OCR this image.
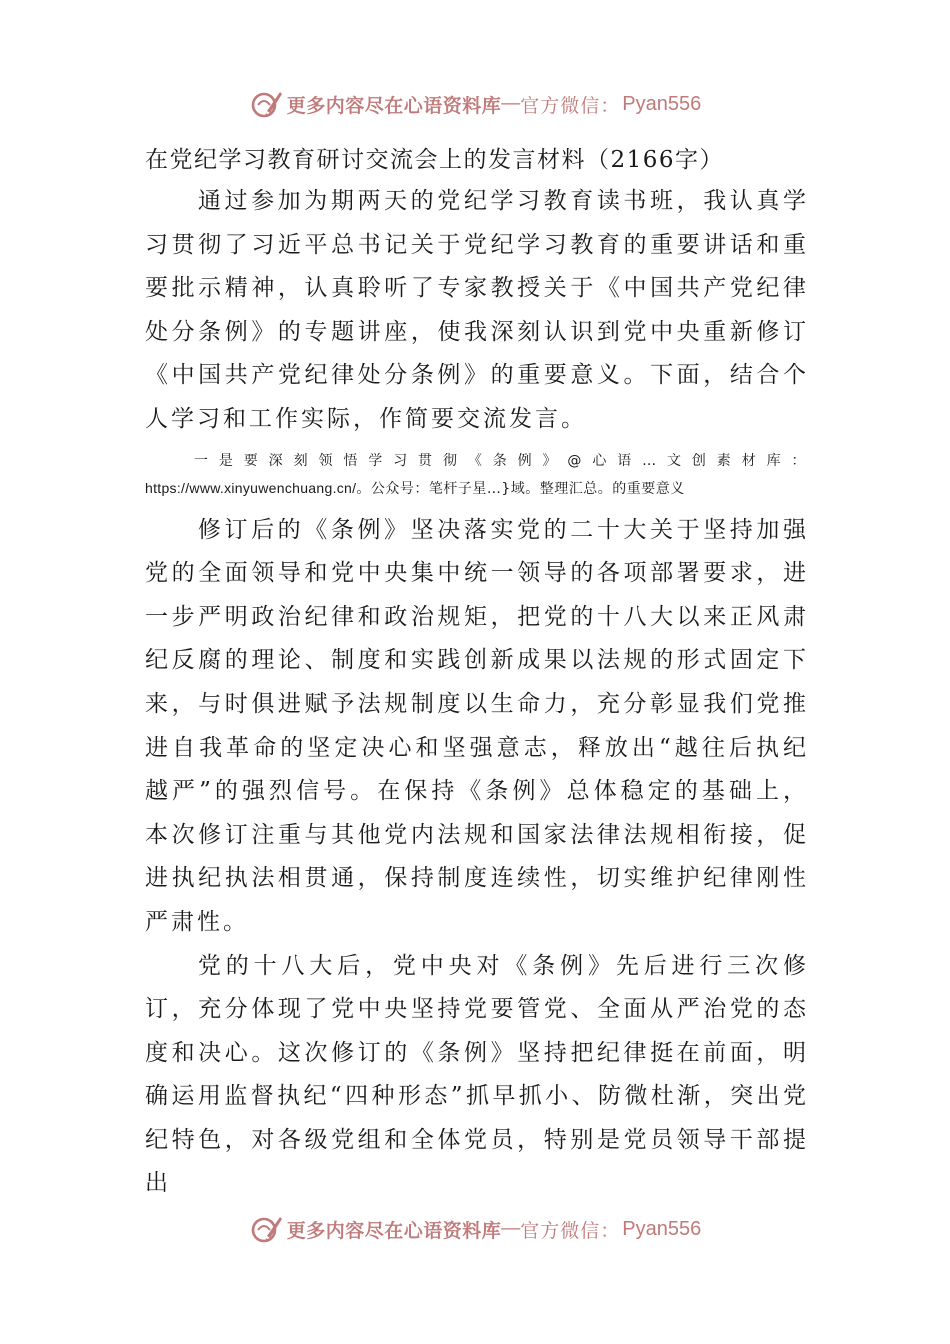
更多内容尽在心语资料库 — 官方微信： Pyan556

在党纪学习教育研讨交流会上的发言材料（2166字）

通过参加为期两天的党纪学习教育读书班，我认真学习贯彻了习近平总书记关于党纪学习教育的重要讲话和重要批示精神，认真聆听了专家教授关于《中国共产党纪律处分条例》的专题讲座，使我深刻认识到党中央重新修订《中国共产党纪律处分条例》的重要意义。下面，结合个人学习和工作实际，作简要交流发言。

一是要深刻领悟学习贯彻《条例》@心语…文创素材库：https://www.xinyuwenchuang.cn/。公众号：笔杆子星…}域。整理汇总。的重要意义

修订后的《条例》坚决落实党的二十大关于坚持加强党的全面领导和党中央集中统一领导的各项部署要求，进一步严明政治纪律和政治规矩，把党的十八大以来正风肃纪反腐的理论、制度和实践创新成果以法规的形式固定下来，与时俱进赋予法规制度以生命力，充分彰显我们党推进自我革命的坚定决心和坚强意志，释放出“越往后执纪越严”的强烈信号。在保持《条例》总体稳定的基础上，本次修订注重与其他党内法规和国家法律法规相衔接，促进执纪执法相贯通，保持制度连续性，切实维护纪律刚性严肃性。

党的十八大后，党中央对《条例》先后进行三次修订，充分体现了党中央坚持党要管党、全面从严治党的态度和决心。这次修订的《条例》坚持把纪律挺在前面，明确运用监督执纪“四种形态”抓早抓小、防微杜渐，突出党纪特色，对各级党组和全体党员，特别是党员领导干部提出

更多内容尽在心语资料库 — 官方微信： Pyan556
